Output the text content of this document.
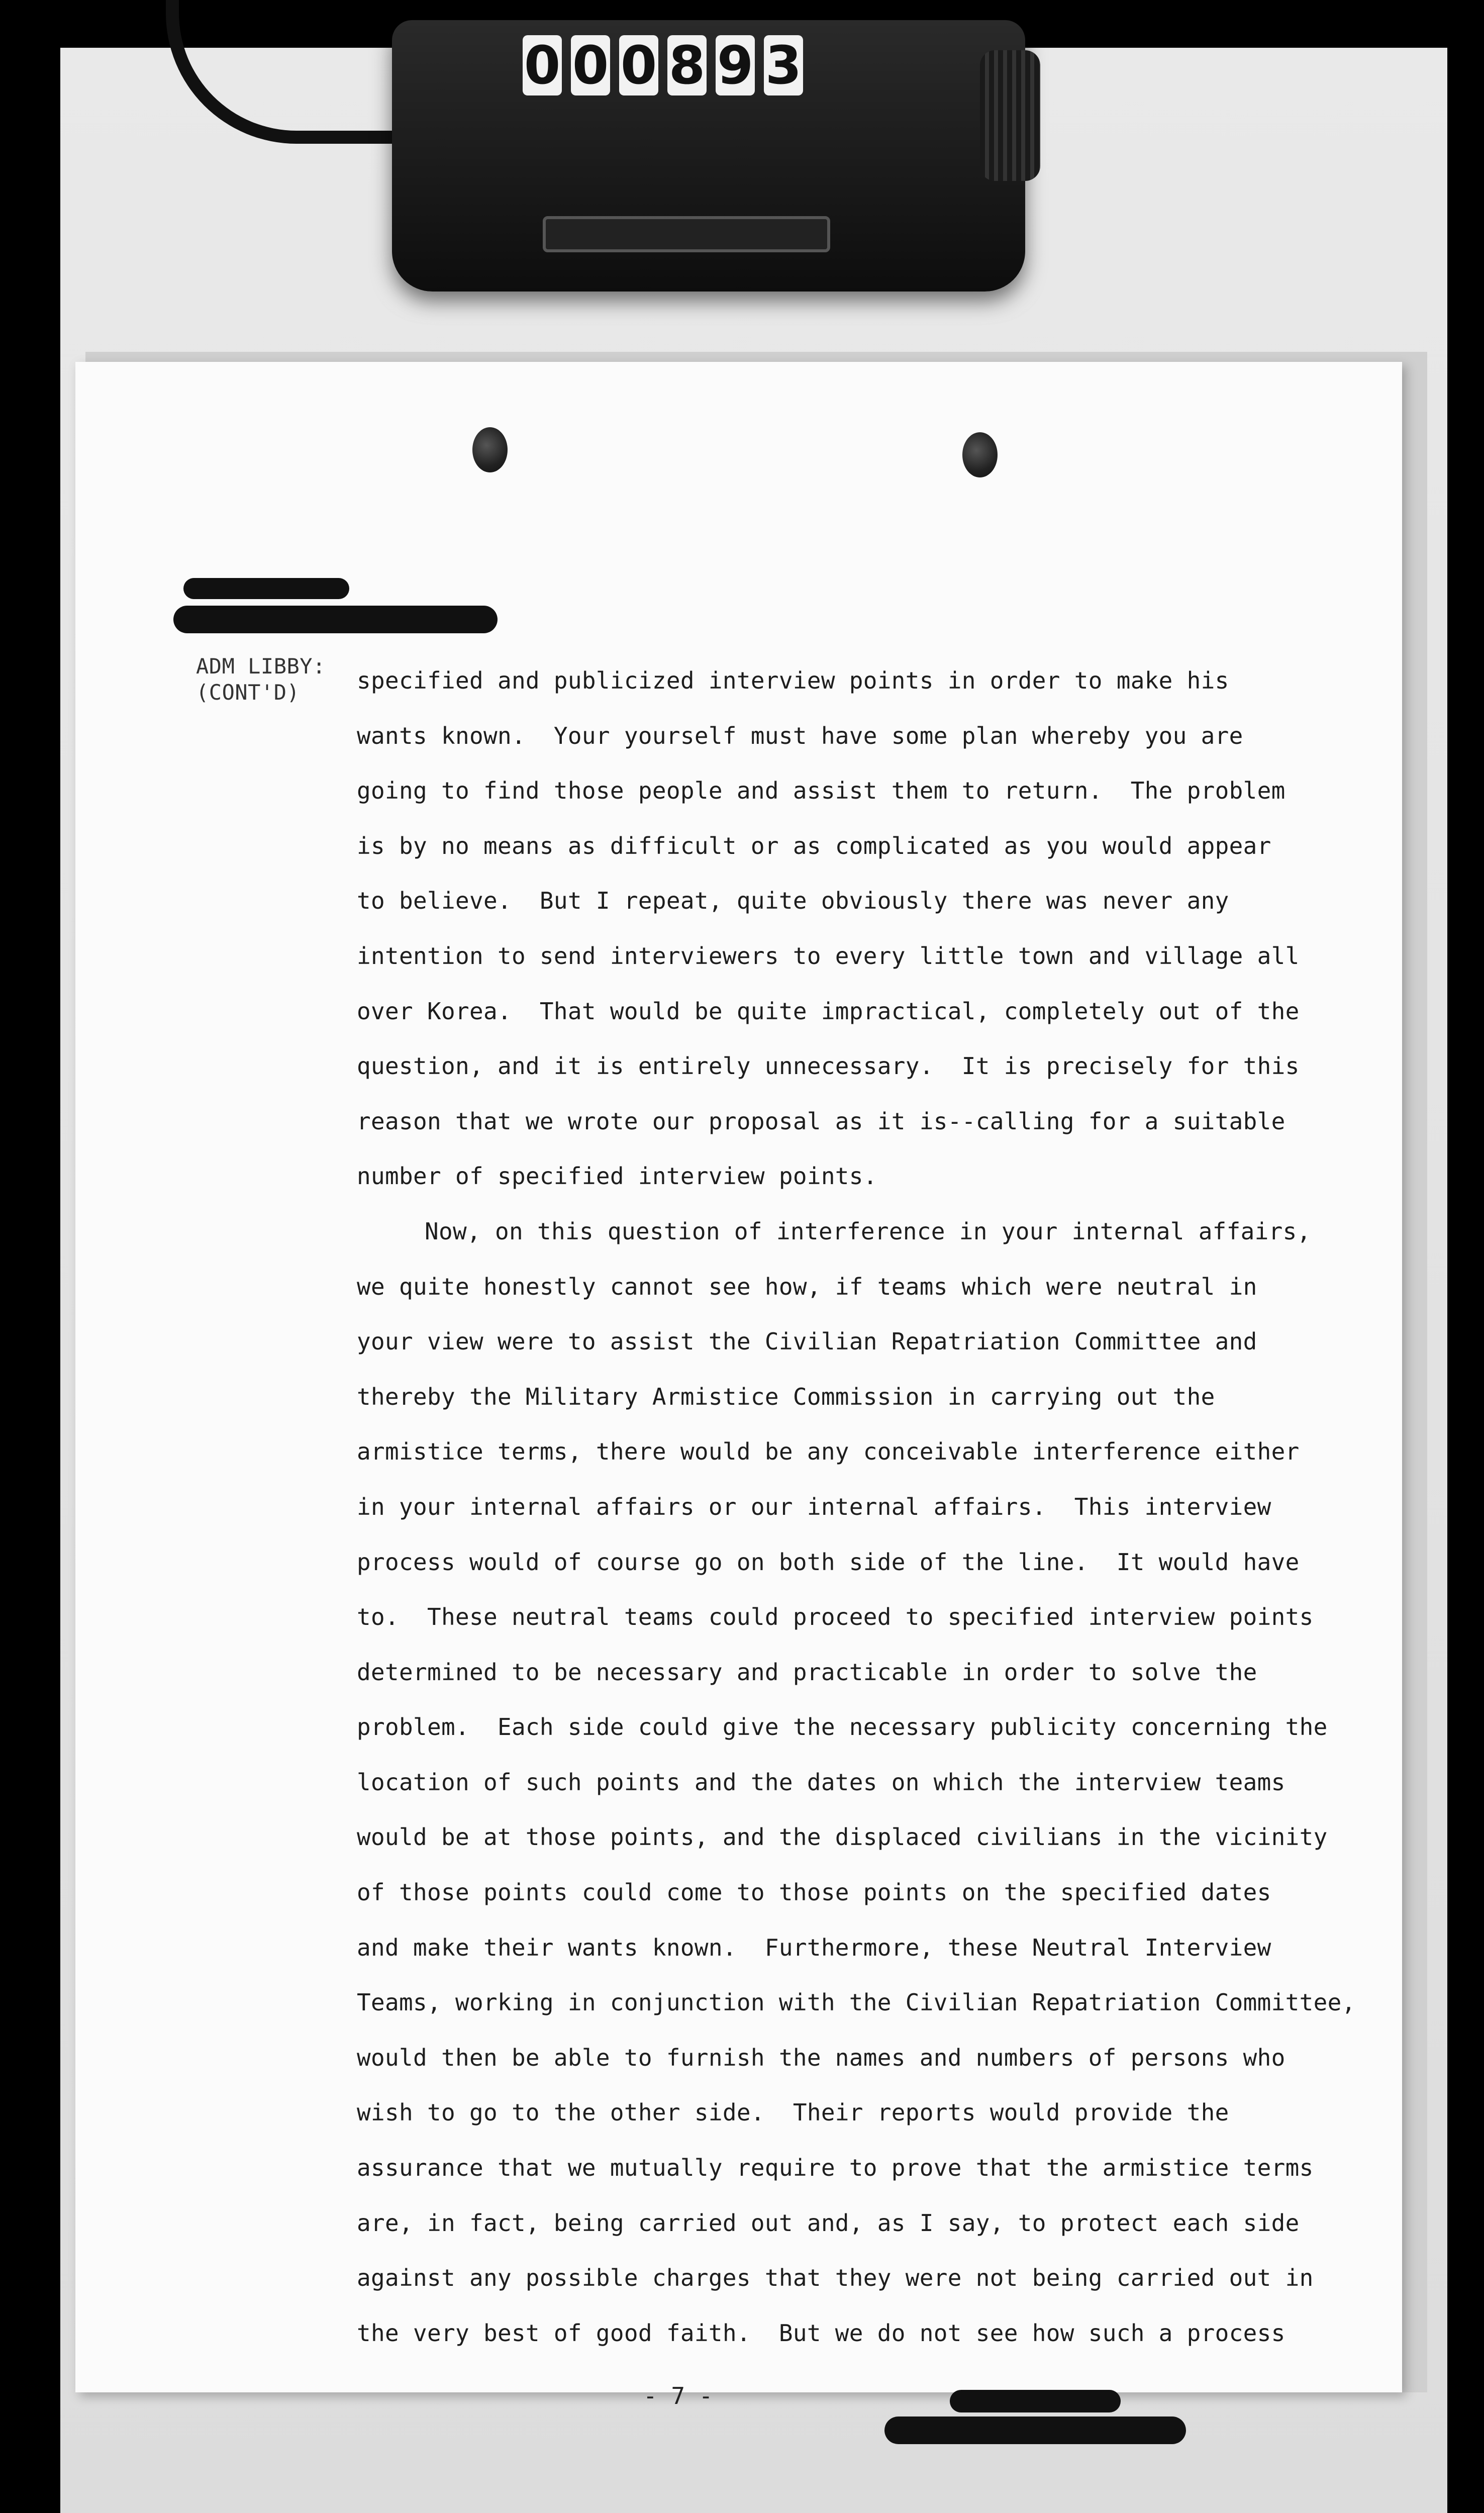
0 0 0 8 9 3
ADM LIBBY:
(CONT'D)	specified and publicized interview points in order to make his
wants known.  Your yourself must have some plan whereby you are
going to find those people and assist them to return.  The problem
is by no means as difficult or as complicated as you would appear
to believe.  But I repeat, quite obviously there was never any
intention to send interviewers to every little town and village all
over Korea.  That would be quite impractical, completely out of the
question, and it is entirely unnecessary.  It is precisely for this
reason that we wrote our proposal as it is--calling for a suitable
number of specified interview points.
Now, on this question of interference in your internal affairs,
we quite honestly cannot see how, if teams which were neutral in
your view were to assist the Civilian Repatriation Committee and
thereby the Military Armistice Commission in carrying out the
armistice terms, there would be any conceivable interference either
in your internal affairs or our internal affairs.  This interview
process would of course go on both side of the line.  It would have
to.  These neutral teams could proceed to specified interview points
determined to be necessary and practicable in order to solve the
problem.  Each side could give the necessary publicity concerning the
location of such points and the dates on which the interview teams
would be at those points, and the displaced civilians in the vicinity
of those points could come to those points on the specified dates
and make their wants known.  Furthermore, these Neutral Interview
Teams, working in conjunction with the Civilian Repatriation Committee,
would then be able to furnish the names and numbers of persons who
wish to go to the other side.  Their reports would provide the
assurance that we mutually require to prove that the armistice terms
are, in fact, being carried out and, as I say, to protect each side
against any possible charges that they were not being carried out in
the very best of good faith.  But we do not see how such a process
- 7 -
